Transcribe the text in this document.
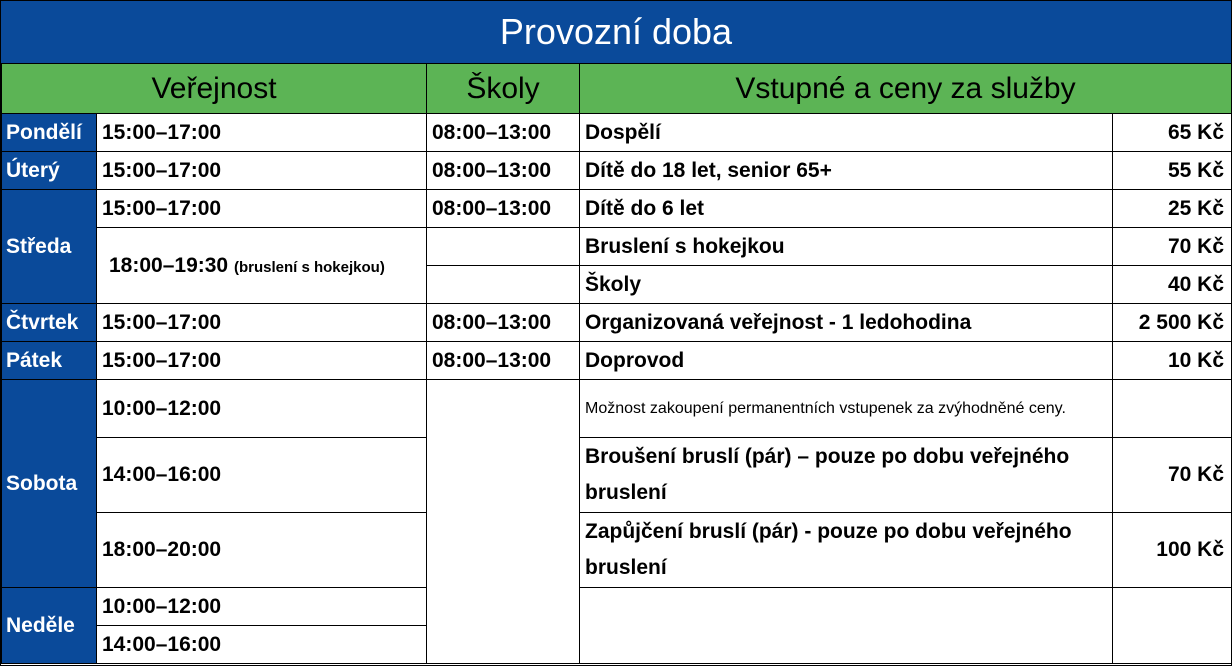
Provozní doba
Veřejnost		Školy	Vstupné a ceny za služby	
Pondělí	15:00–17:00	08:00–13:00	Dospělí	65 Kč
Úterý	15:00–17:00	08:00–13:00	Dítě do 18 let, senior 65+	55 Kč
Středa	15:00–17:00	08:00–13:00	Dítě do 6 let	25 Kč
	18:00–19:30 (bruslení s hokejkou)		Bruslení s hokejkou	70 Kč
			Školy	40 Kč
Čtvrtek	15:00–17:00	08:00–13:00	Organizovaná veřejnost - 1 ledohodina	2 500 Kč
Pátek	15:00–17:00	08:00–13:00	Doprovod	10 Kč
Sobota	10:00–12:00		Možnost zakoupení permanentních vstupenek za zvýhodněné ceny.	
	14:00–16:00		Broušení bruslí (pár) – pouze po dobu veřejného bruslení	70 Kč
	18:00–20:00		Zapůjčení bruslí (pár) - pouze po dobu veřejného bruslení	100 Kč
Neděle	10:00–12:00			
	14:00–16:00			
